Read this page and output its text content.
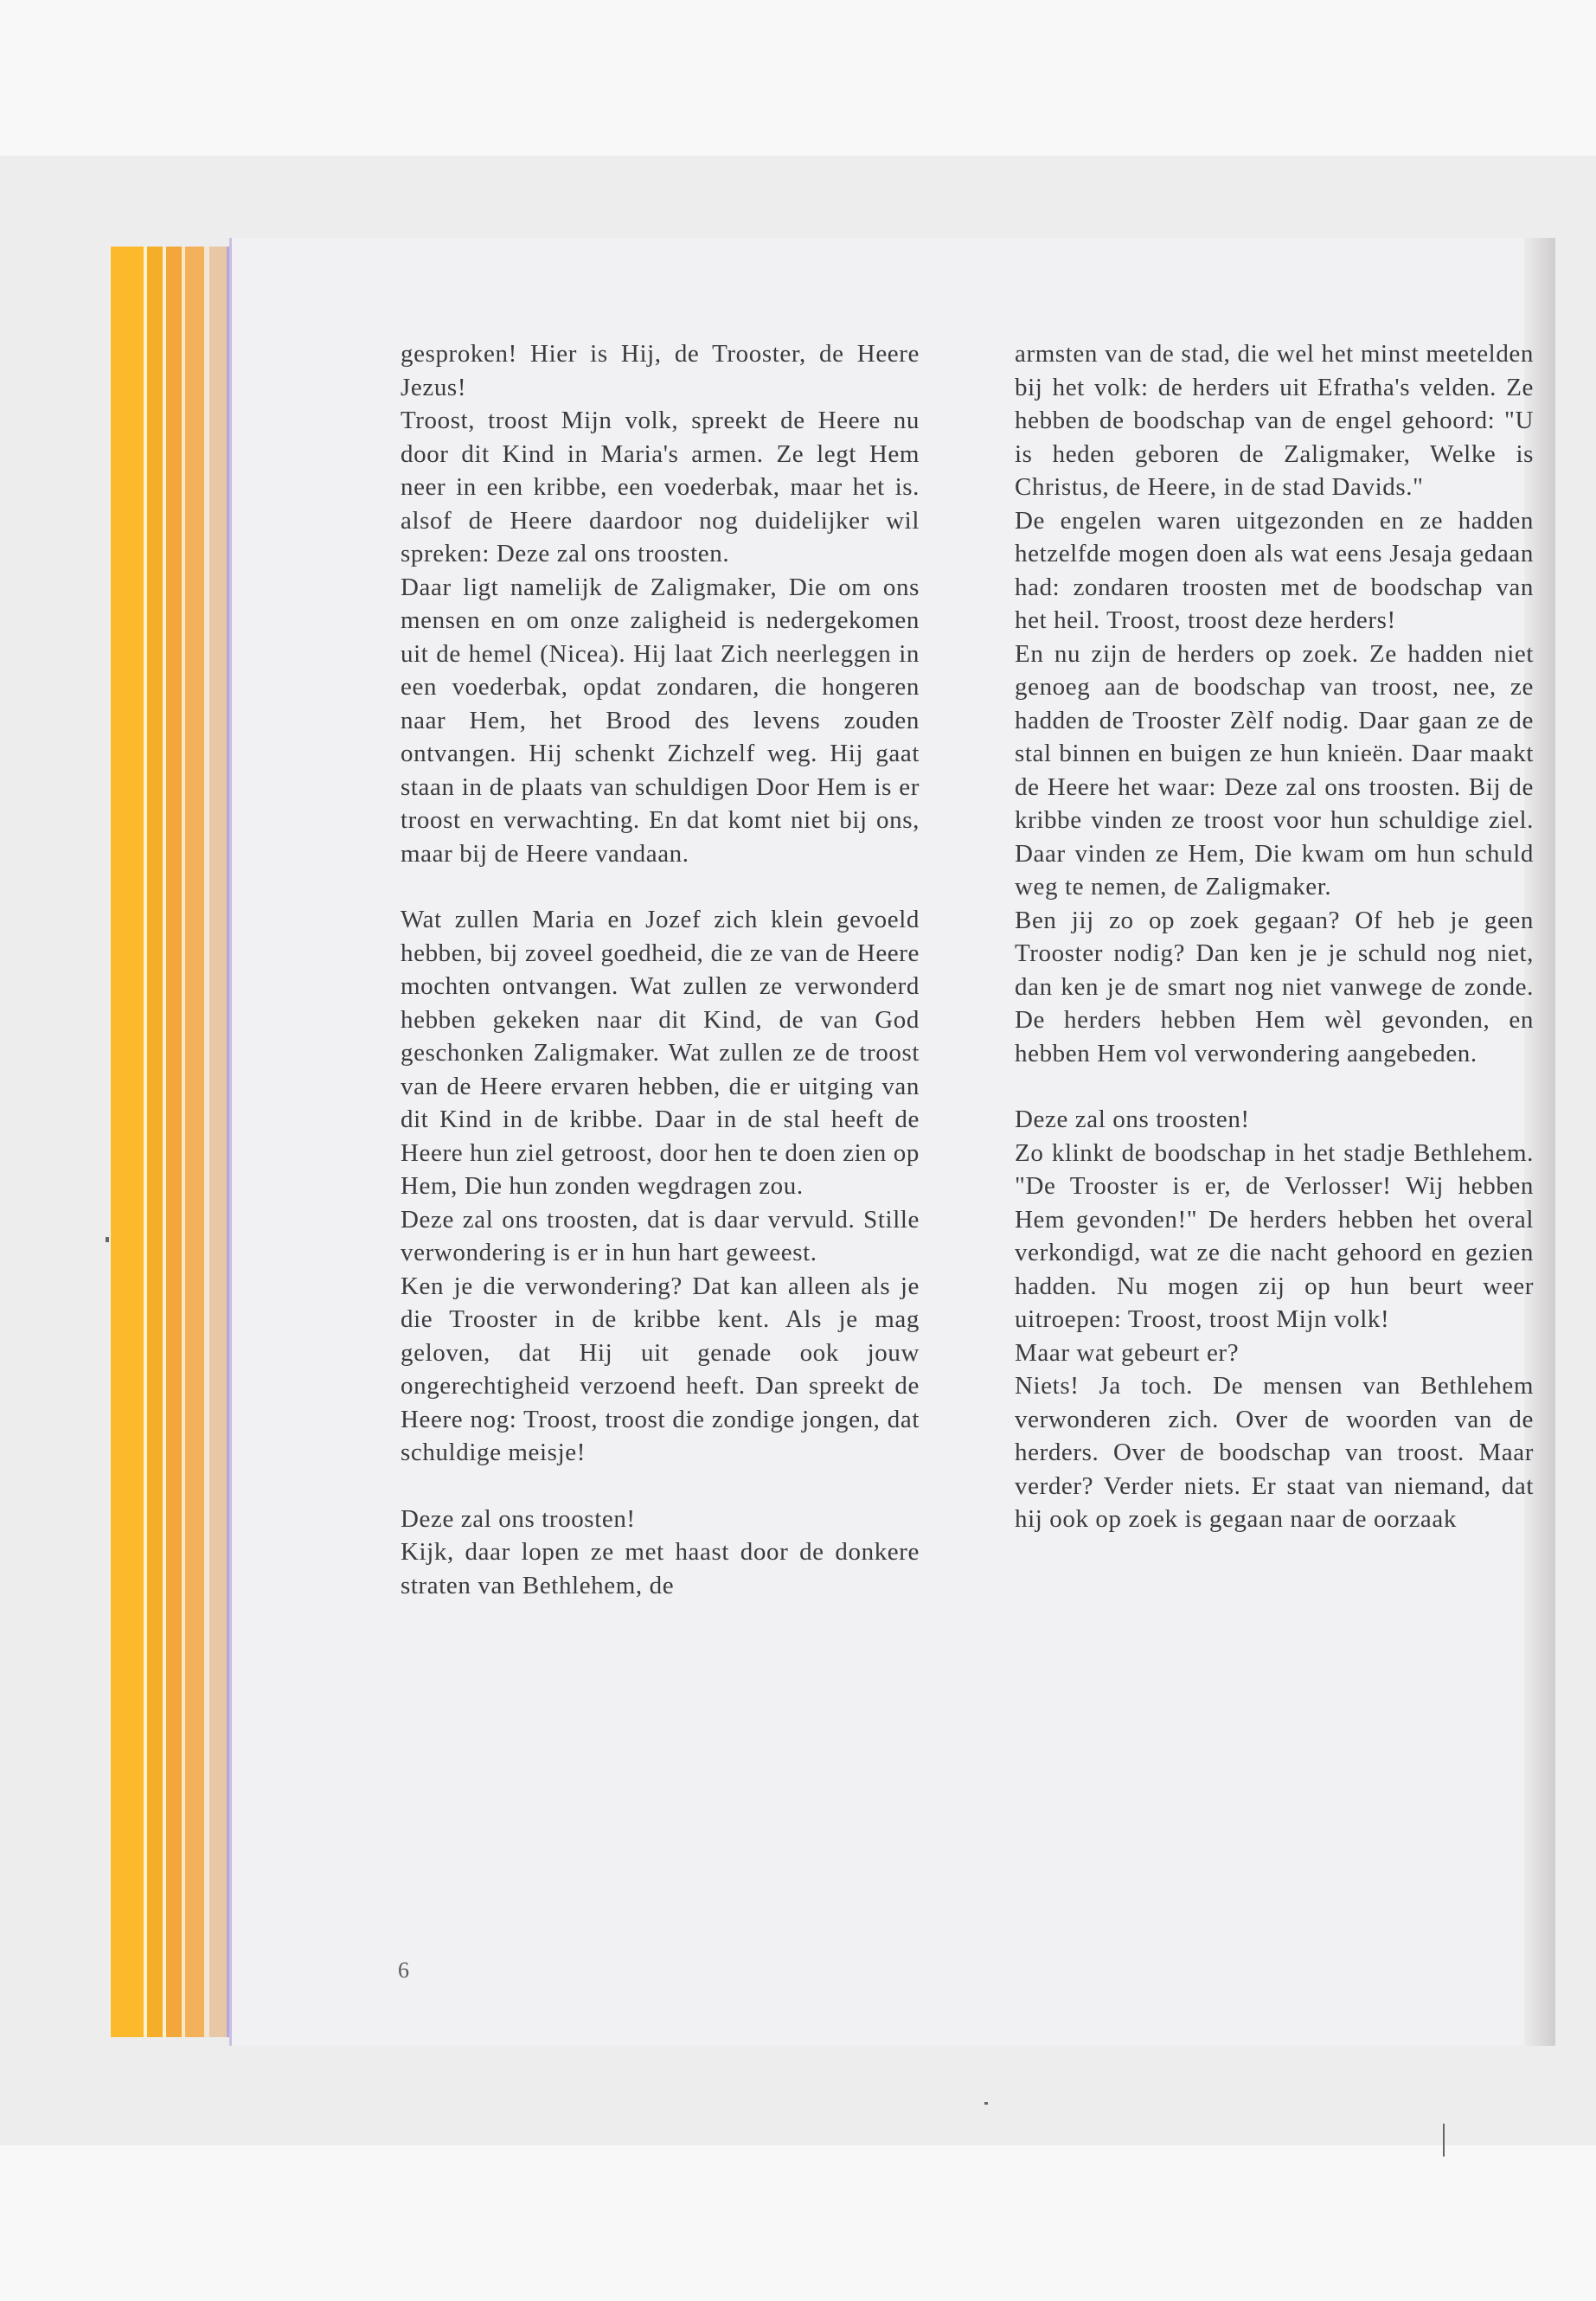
gesproken! Hier is Hij, de Trooster, de Heere Jezus!

Troost, troost Mijn volk, spreekt de Heere nu door dit Kind in Maria's armen. Ze legt Hem neer in een kribbe, een voederbak, maar het is. alsof de Heere daardoor nog duidelijker wil spreken: Deze zal ons troosten.

Daar ligt namelijk de Zaligmaker, Die om ons mensen en om onze zaligheid is nedergekomen uit de hemel (Nicea). Hij laat Zich neerleggen in een voederbak, opdat zondaren, die hongeren naar Hem, het Brood des levens zouden ontvangen. Hij schenkt Zichzelf weg. Hij gaat staan in de plaats van schuldigen Door Hem is er troost en verwachting. En dat komt niet bij ons, maar bij de Heere vandaan.

Wat zullen Maria en Jozef zich klein gevoeld hebben, bij zoveel goedheid, die ze van de Heere mochten ontvangen. Wat zullen ze verwonderd hebben gekeken naar dit Kind, de van God geschonken Zaligmaker. Wat zullen ze de troost van de Heere ervaren hebben, die er uitging van dit Kind in de kribbe. Daar in de stal heeft de Heere hun ziel getroost, door hen te doen zien op Hem, Die hun zonden wegdragen zou.

Deze zal ons troosten, dat is daar vervuld. Stille verwondering is er in hun hart geweest.

Ken je die verwondering? Dat kan alleen als je die Trooster in de kribbe kent. Als je mag geloven, dat Hij uit genade ook jouw ongerechtigheid verzoend heeft. Dan spreekt de Heere nog: Troost, troost die zondige jongen, dat schuldige meisje!

Deze zal ons troosten!

Kijk, daar lopen ze met haast door de donkere straten van Bethlehem, de

armsten van de stad, die wel het minst meetelden bij het volk: de herders uit Efratha's velden. Ze hebben de boodschap van de engel gehoord: "U is heden geboren de Zaligmaker, Welke is Christus, de Heere, in de stad Davids."

De engelen waren uitgezonden en ze hadden hetzelfde mogen doen als wat eens Jesaja gedaan had: zondaren troosten met de boodschap van het heil. Troost, troost deze herders!

En nu zijn de herders op zoek. Ze hadden niet genoeg aan de boodschap van troost, nee, ze hadden de Trooster Zèlf nodig. Daar gaan ze de stal binnen en buigen ze hun knieën. Daar maakt de Heere het waar: Deze zal ons troosten. Bij de kribbe vinden ze troost voor hun schuldige ziel. Daar vinden ze Hem, Die kwam om hun schuld weg te nemen, de Zaligmaker.

Ben jij zo op zoek gegaan? Of heb je geen Trooster nodig? Dan ken je je schuld nog niet, dan ken je de smart nog niet vanwege de zonde. De herders hebben Hem wèl gevonden, en hebben Hem vol verwondering aangebeden.

Deze zal ons troosten!

Zo klinkt de boodschap in het stadje Bethlehem. "De Trooster is er, de Verlosser! Wij hebben Hem gevonden!" De herders hebben het overal verkondigd, wat ze die nacht gehoord en gezien hadden. Nu mogen zij op hun beurt weer uitroepen: Troost, troost Mijn volk!

Maar wat gebeurt er?

Niets! Ja toch. De mensen van Bethlehem verwonderen zich. Over de woorden van de herders. Over de boodschap van troost. Maar verder? Verder niets. Er staat van niemand, dat hij ook op zoek is gegaan naar de oorzaak

6
